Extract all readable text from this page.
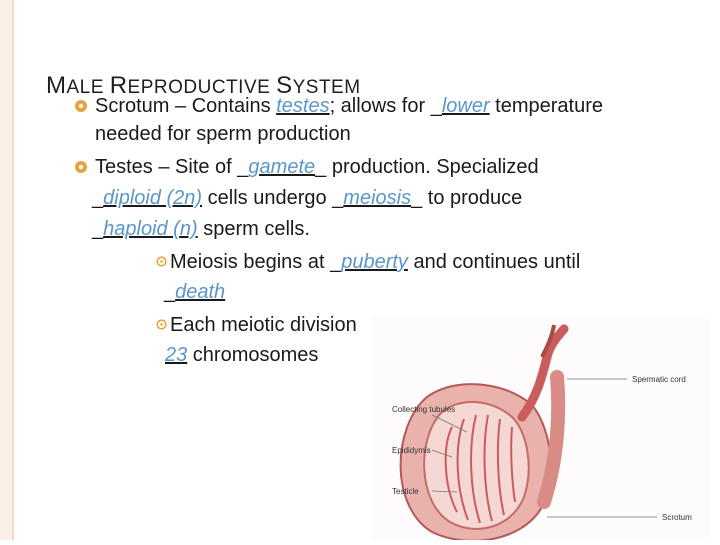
MALE REPRODUCTIVE SYSTEM
Scrotum – Contains testes; allows for _lower temperature
needed for sperm production
Testes – Site of _gamete_ production. Specialized
_diploid (2n) cells undergo _meiosis_ to produce
_haploid (n) sperm cells.
Meiosis begins at _puberty and continues until
_death
Each meiotic division
23 chromosomes
Spermatic cord
Collecting tubules
Epididymis
Testicle
Scrotum
